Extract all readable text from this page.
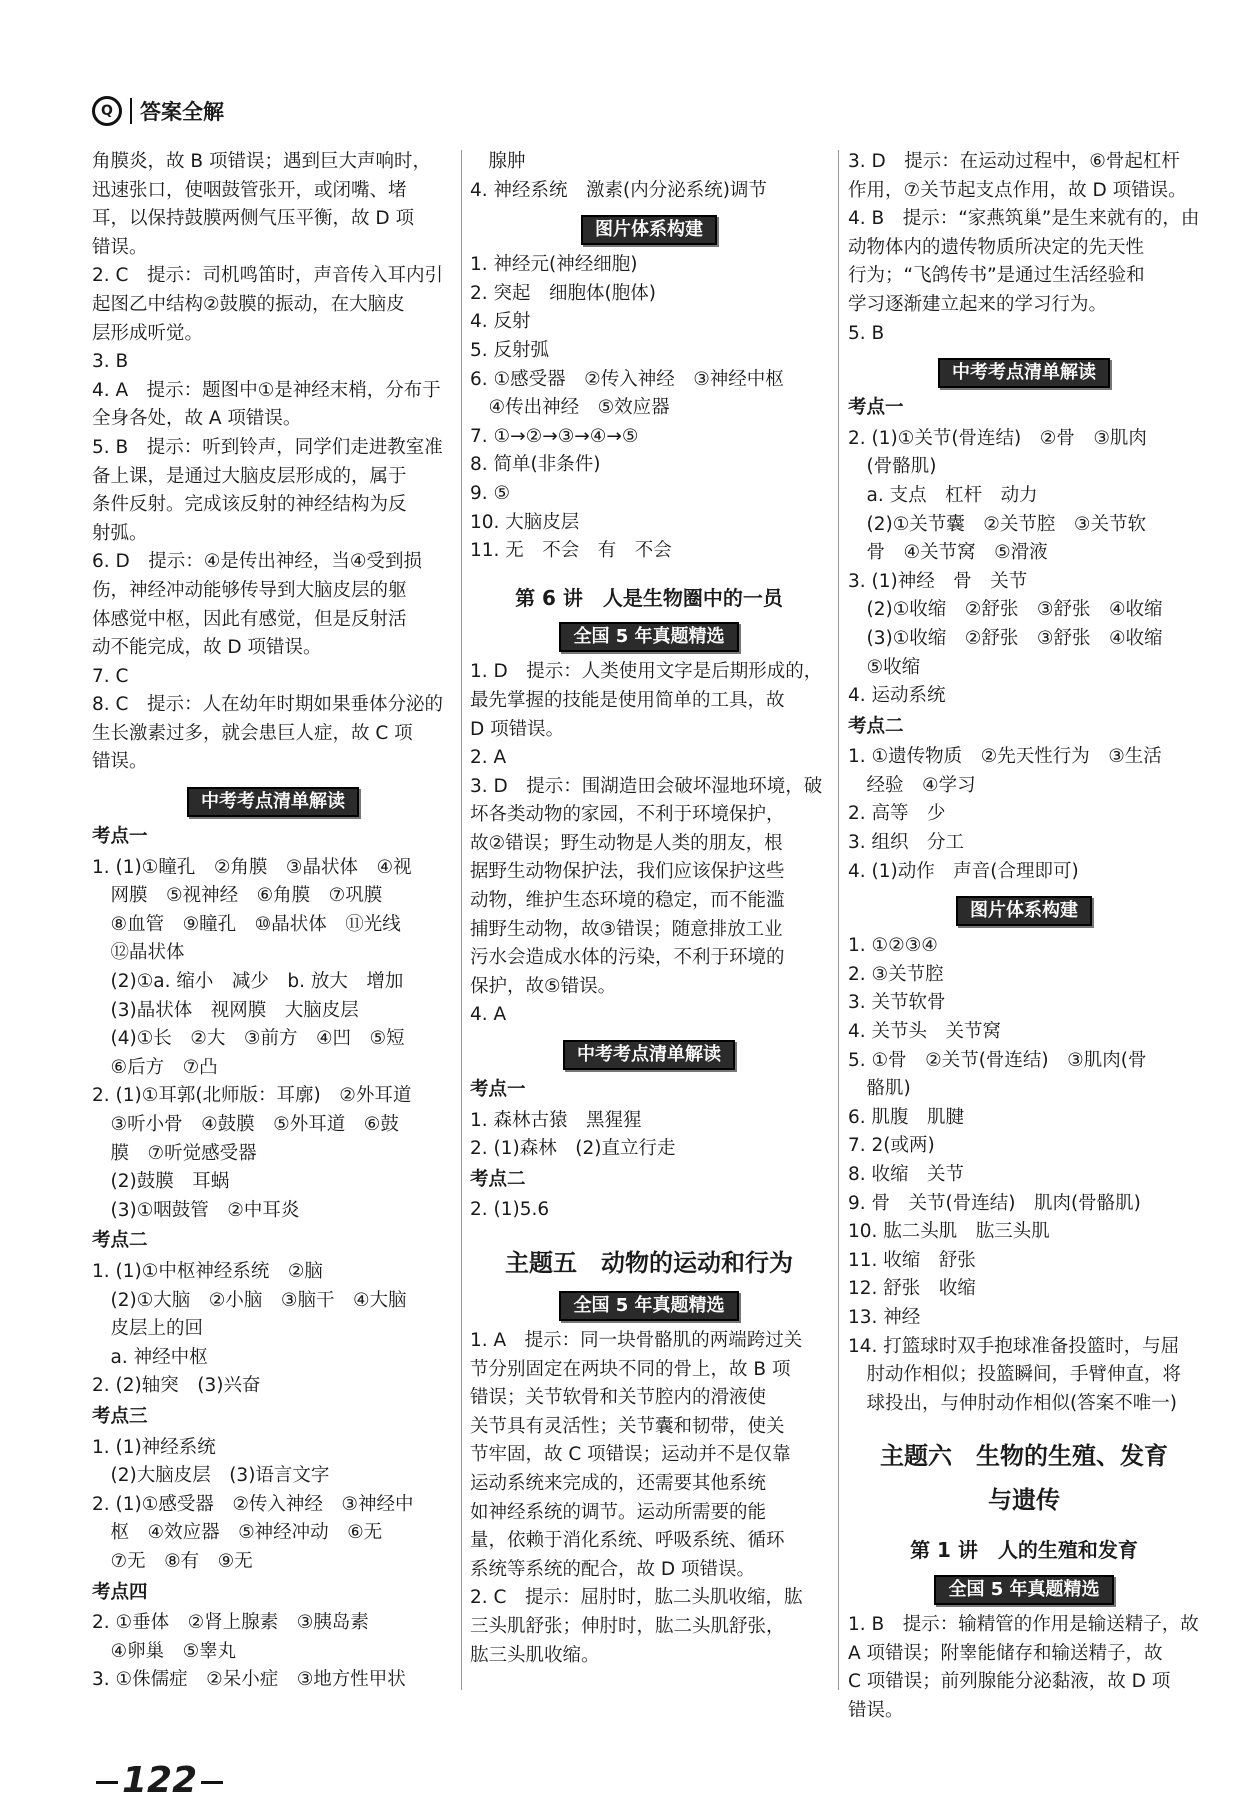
Q	答案全解
角膜炎，故 B 项错误；遇到巨大声响时，
迅速张口，使咽鼓管张开，或闭嘴、堵
耳，以保持鼓膜两侧气压平衡，故 D 项
错误。
2. C　提示：司机鸣笛时，声音传入耳内引
起图乙中结构②鼓膜的振动，在大脑皮
层形成听觉。
3. B
4. A　提示：题图中①是神经末梢，分布于
全身各处，故 A 项错误。
5. B　提示：听到铃声，同学们走进教室准
备上课，是通过大脑皮层形成的，属于
条件反射。完成该反射的神经结构为反
射弧。
6. D　提示：④是传出神经，当④受到损
伤，神经冲动能够传导到大脑皮层的躯
体感觉中枢，因此有感觉，但是反射活
动不能完成，故 D 项错误。
7. C
8. C　提示：人在幼年时期如果垂体分泌的
生长激素过多，就会患巨人症，故 C 项
错误。
中考考点清单解读
考点一
1. (1)①瞳孔　②角膜　③晶状体　④视
　网膜　⑤视神经　⑥角膜　⑦巩膜
　⑧血管　⑨瞳孔　⑩晶状体　⑪光线
　⑫晶状体
　(2)①a. 缩小　减少　b. 放大　增加
　(3)晶状体　视网膜　大脑皮层
　(4)①长　②大　③前方　④凹　⑤短
　⑥后方　⑦凸
2. (1)①耳郭(北师版：耳廓)　②外耳道
　③听小骨　④鼓膜　⑤外耳道　⑥鼓
　膜　⑦听觉感受器
　(2)鼓膜　耳蜗
　(3)①咽鼓管　②中耳炎
考点二
1. (1)①中枢神经系统　②脑
　(2)①大脑　②小脑　③脑干　④大脑
　皮层上的回
　a. 神经中枢
2. (2)轴突　(3)兴奋
考点三
1. (1)神经系统
　(2)大脑皮层　(3)语言文字
2. (1)①感受器　②传入神经　③神经中
　枢　④效应器　⑤神经冲动　⑥无
　⑦无　⑧有　⑨无
考点四
2. ①垂体　②肾上腺素　③胰岛素
　④卵巢　⑤睾丸
3. ①侏儒症　②呆小症　③地方性甲状
　腺肿
4. 神经系统　激素(内分泌系统)调节
图片体系构建
1. 神经元(神经细胞)
2. 突起　细胞体(胞体)
4. 反射
5. 反射弧
6. ①感受器　②传入神经　③神经中枢
　④传出神经　⑤效应器
7. ①→②→③→④→⑤
8. 简单(非条件)
9. ⑤
10. 大脑皮层
11. 无　不会　有　不会
第 6 讲　人是生物圈中的一员
全国 5 年真题精选
1. D　提示：人类使用文字是后期形成的，
最先掌握的技能是使用简单的工具，故
D 项错误。
2. A
3. D　提示：围湖造田会破坏湿地环境，破
坏各类动物的家园，不利于环境保护，
故②错误；野生动物是人类的朋友，根
据野生动物保护法，我们应该保护这些
动物，维护生态环境的稳定，而不能滥
捕野生动物，故③错误；随意排放工业
污水会造成水体的污染，不利于环境的
保护，故⑤错误。
4. A
中考考点清单解读
考点一
1. 森林古猿　黑猩猩
2. (1)森林　(2)直立行走
考点二
2. (1)5.6
主题五　动物的运动和行为
全国 5 年真题精选
1. A　提示：同一块骨骼肌的两端跨过关
节分别固定在两块不同的骨上，故 B 项
错误；关节软骨和关节腔内的滑液使
关节具有灵活性；关节囊和韧带，使关
节牢固，故 C 项错误；运动并不是仅靠
运动系统来完成的，还需要其他系统
如神经系统的调节。运动所需要的能
量，依赖于消化系统、呼吸系统、循环
系统等系统的配合，故 D 项错误。
2. C　提示：屈肘时，肱二头肌收缩，肱
三头肌舒张；伸肘时，肱二头肌舒张，
肱三头肌收缩。
3. D　提示：在运动过程中，⑥骨起杠杆
作用，⑦关节起支点作用，故 D 项错误。
4. B　提示：“家燕筑巢”是生来就有的，由
动物体内的遗传物质所决定的先天性
行为；“飞鸽传书”是通过生活经验和
学习逐渐建立起来的学习行为。
5. B
中考考点清单解读
考点一
2. (1)①关节(骨连结)　②骨　③肌肉
　(骨骼肌)
　a. 支点　杠杆　动力
　(2)①关节囊　②关节腔　③关节软
　骨　④关节窝　⑤滑液
3. (1)神经　骨　关节
　(2)①收缩　②舒张　③舒张　④收缩
　(3)①收缩　②舒张　③舒张　④收缩
　⑤收缩
4. 运动系统
考点二
1. ①遗传物质　②先天性行为　③生活
　经验　④学习
2. 高等　少
3. 组织　分工
4. (1)动作　声音(合理即可)
图片体系构建
1. ①②③④
2. ③关节腔
3. 关节软骨
4. 关节头　关节窝
5. ①骨　②关节(骨连结)　③肌肉(骨
　骼肌)
6. 肌腹　肌腱
7. 2(或两)
8. 收缩　关节
9. 骨　关节(骨连结)　肌肉(骨骼肌)
10. 肱二头肌　肱三头肌
11. 收缩　舒张
12. 舒张　收缩
13. 神经
14. 打篮球时双手抱球准备投篮时，与屈
　肘动作相似；投篮瞬间，手臂伸直，将
　球投出，与伸肘动作相似(答案不唯一)
主题六　生物的生殖、发育
与遗传
第 1 讲　人的生殖和发育
全国 5 年真题精选
1. B　提示：输精管的作用是输送精子，故
A 项错误；附睾能储存和输送精子，故
C 项错误；前列腺能分泌黏液，故 D 项
错误。
122
